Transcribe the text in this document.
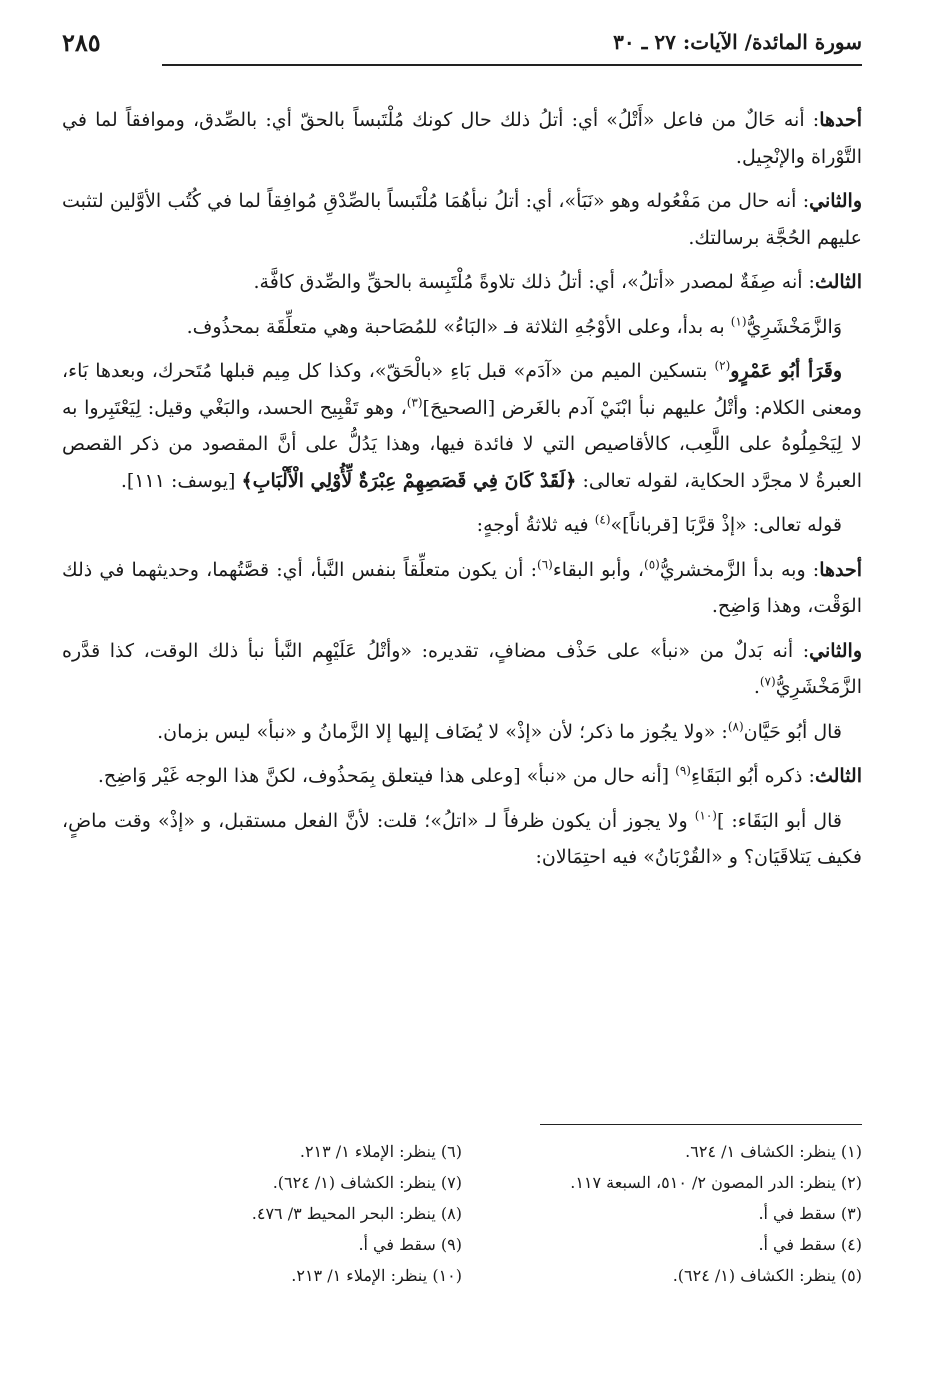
سورة المائدة/ الآيات: ٢٧ ـ ٣٠
٢٨٥

أحدها: أنه حَالٌ من فاعل «أَتْلُ» أي: أتلُ ذلك حال كونك مُلْتَبساً بالحقّ أي: بالصِّدق، وموافقاً لما في التَّوْراة والإنْجِيل.

والثاني: أنه حال من مَفْعُوله وهو «نَبَأ»، أي: أتلُ نبأهُمَا مُلْتَبساً بالصِّدْقِ مُوافِقاً لما في كُتُب الأوَّلين لتثبت عليهم الحُجَّة برسالتك.

الثالث: أنه صِفَةٌ لمصدر «أتلُ»، أي: أتلُ ذلك تلاوةً مُلْتَبِسة بالحقِّ والصِّدق كافَّة.

وَالزَّمَخْشَرِيُّ$^{(١)}$ به بدأ، وعلى الأوْجُهِ الثلاثة فـ «البَاءُ» للمُصَاحبة وهي متعلِّقَة بمحذُوف.

وقَرَأ أبُو عَمْرٍو$^{(٢)}$ بتسكين الميم من «آدَم» قبل بَاءِ «بالْحَقّ»، وكذا كل مِيم قبلها مُتَحرك، وبعدها بَاء، ومعنى الكلام: وأتْلُ عليهم نبأ ابْنَيْ آدم بالغَرض [الصحيحَ]$^{(٣)}$، وهو تَقْبِيح الحسد، والبَغْي وقيل: لِيَعْتَبِروا به لا لِيَحْمِلُوهُ على اللَّعِب، كالأقاصيص التي لا فائدة فيها، وهذا يَدُلُّ على أنَّ المقصود من ذكر القصص العبرةُ لا مجرَّد الحكاية، لقوله تعالى: ﴿لَقَدْ كَانَ فِي قَصَصِهِمْ عِبْرَةٌ لِّأُوْلِي الْأَلْبَابِ﴾ [يوسف: ١١١].

قوله تعالى: «إذْ قرَّبَا [قرباناً]»$^{(٤)}$ فيه ثلاثةُ أوجهٍ:

أحدها: وبه بدأ الزَّمخشريُّ$^{(٥)}$، وأبو البقاء$^{(٦)}$: أن يكون متعلِّقاً بنفس النَّبأ، أي: قصَّتُهما، وحديثهما في ذلك الوَقْت، وهذا وَاضِح.

والثاني: أنه بَدلٌ من «نبأ» على حَذْف مضافٍ، تقديره: «وأتْلُ عَلَيْهِم النَّبأ نبأ ذلك الوقت، كذا قدَّره الزَّمَخْشَرِيُّ$^{(٧)}$.

قال أبُو حَيَّان$^{(٨)}$: «ولا يجُوز ما ذكر؛ لأن «إذْ» لا يُضَاف إليها إلا الزَّمانُ و «نبأ» ليس بزمان.

الثالث: ذكره أبُو البَقَاءِ$^{(٩)}$ [أنه حال من «نبأ» [وعلى هذا فيتعلق بِمَحذُوف، لكنَّ هذا الوجه غَيْر وَاضِح.

قال أبو البَقَاء: ]$^{(١٠)}$ ولا يجوز أن يكون ظرفاً لـ «اتلُ»؛ قلت: لأنَّ الفعل مستقبل، و «إذْ» وقت ماضٍ، فكيف يَتلاقَيَان؟ و «القُرْبَانُ» فيه احتِمَالان:

(١) ينظر: الكشاف ١/ ٦٢٤.
(٦) ينظر: الإملاء ١/ ٢١٣.
(٢) ينظر: الدر المصون ٢/ ٥١٠، السبعة ١١٧.
(٧) ينظر: الكشاف (١/ ٦٢٤).
(٣) سقط في أ.
(٨) ينظر: البحر المحيط ٣/ ٤٧٦.
(٤) سقط في أ.
(٩) سقط في أ.
(٥) ينظر: الكشاف (١/ ٦٢٤).
(١٠) ينظر: الإملاء ١/ ٢١٣.
